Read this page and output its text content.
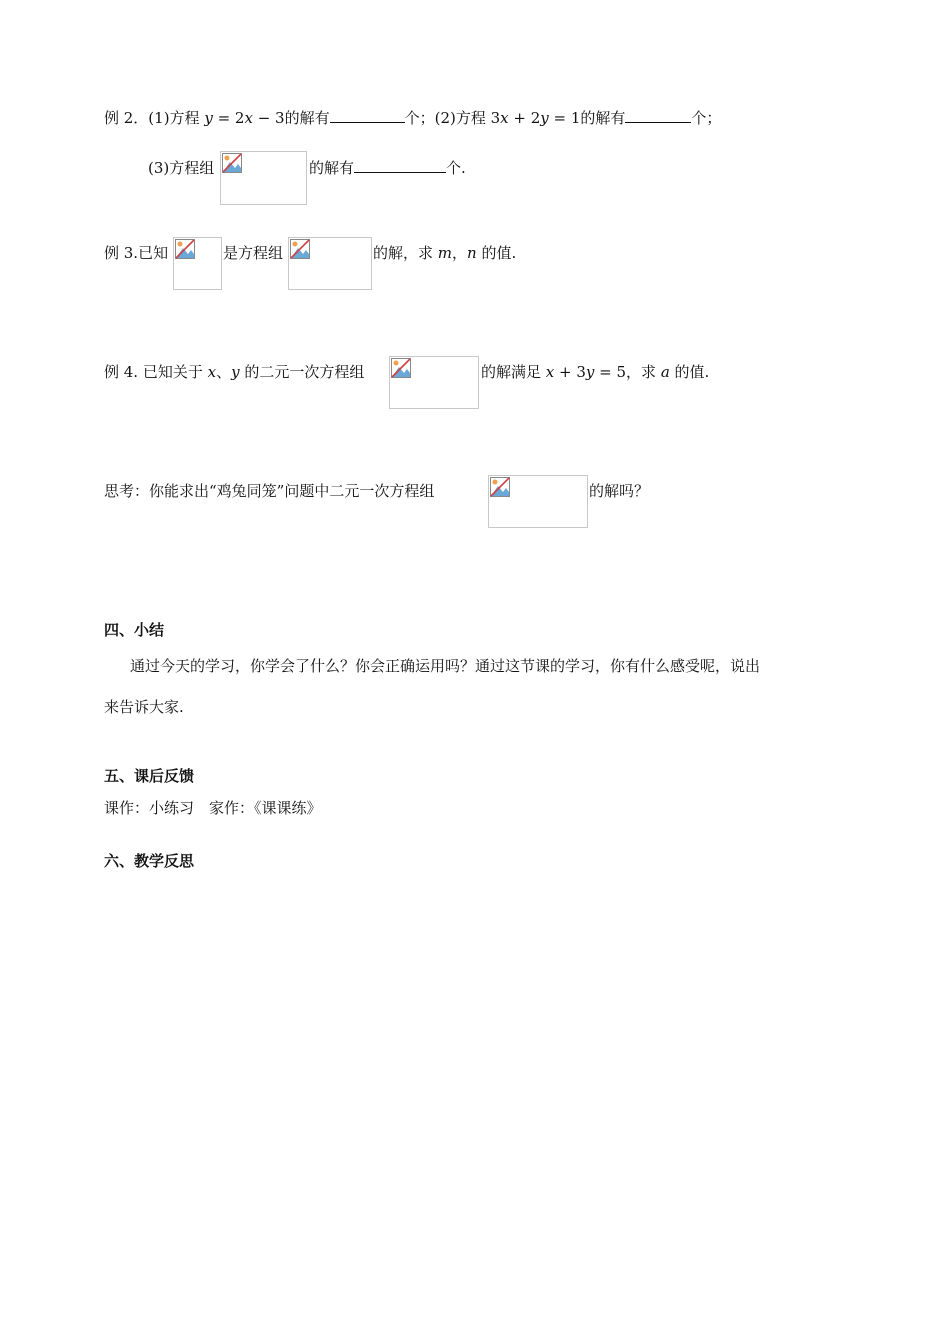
例 2．(1)方程 y = 2x − 3的解有	个；(2)方程 3x + 2y = 1的解有	个；
(3)方程组	的解有	个.
例 3.已知	是方程组	的解，求 m，n 的值.
例 4. 已知关于 x、y 的二元一次方程组	的解满足 x + 3y = 5，求 a 的值.
思考：你能求出“鸡兔同笼”问题中二元一次方程组	的解吗？
四、小结
通过今天的学习，你学会了什么？你会正确运用吗？通过这节课的学习，你有什么感受呢，说出
来告诉大家.
五、课后反馈
课作：小练习　家作：《课课练》
六、教学反思
